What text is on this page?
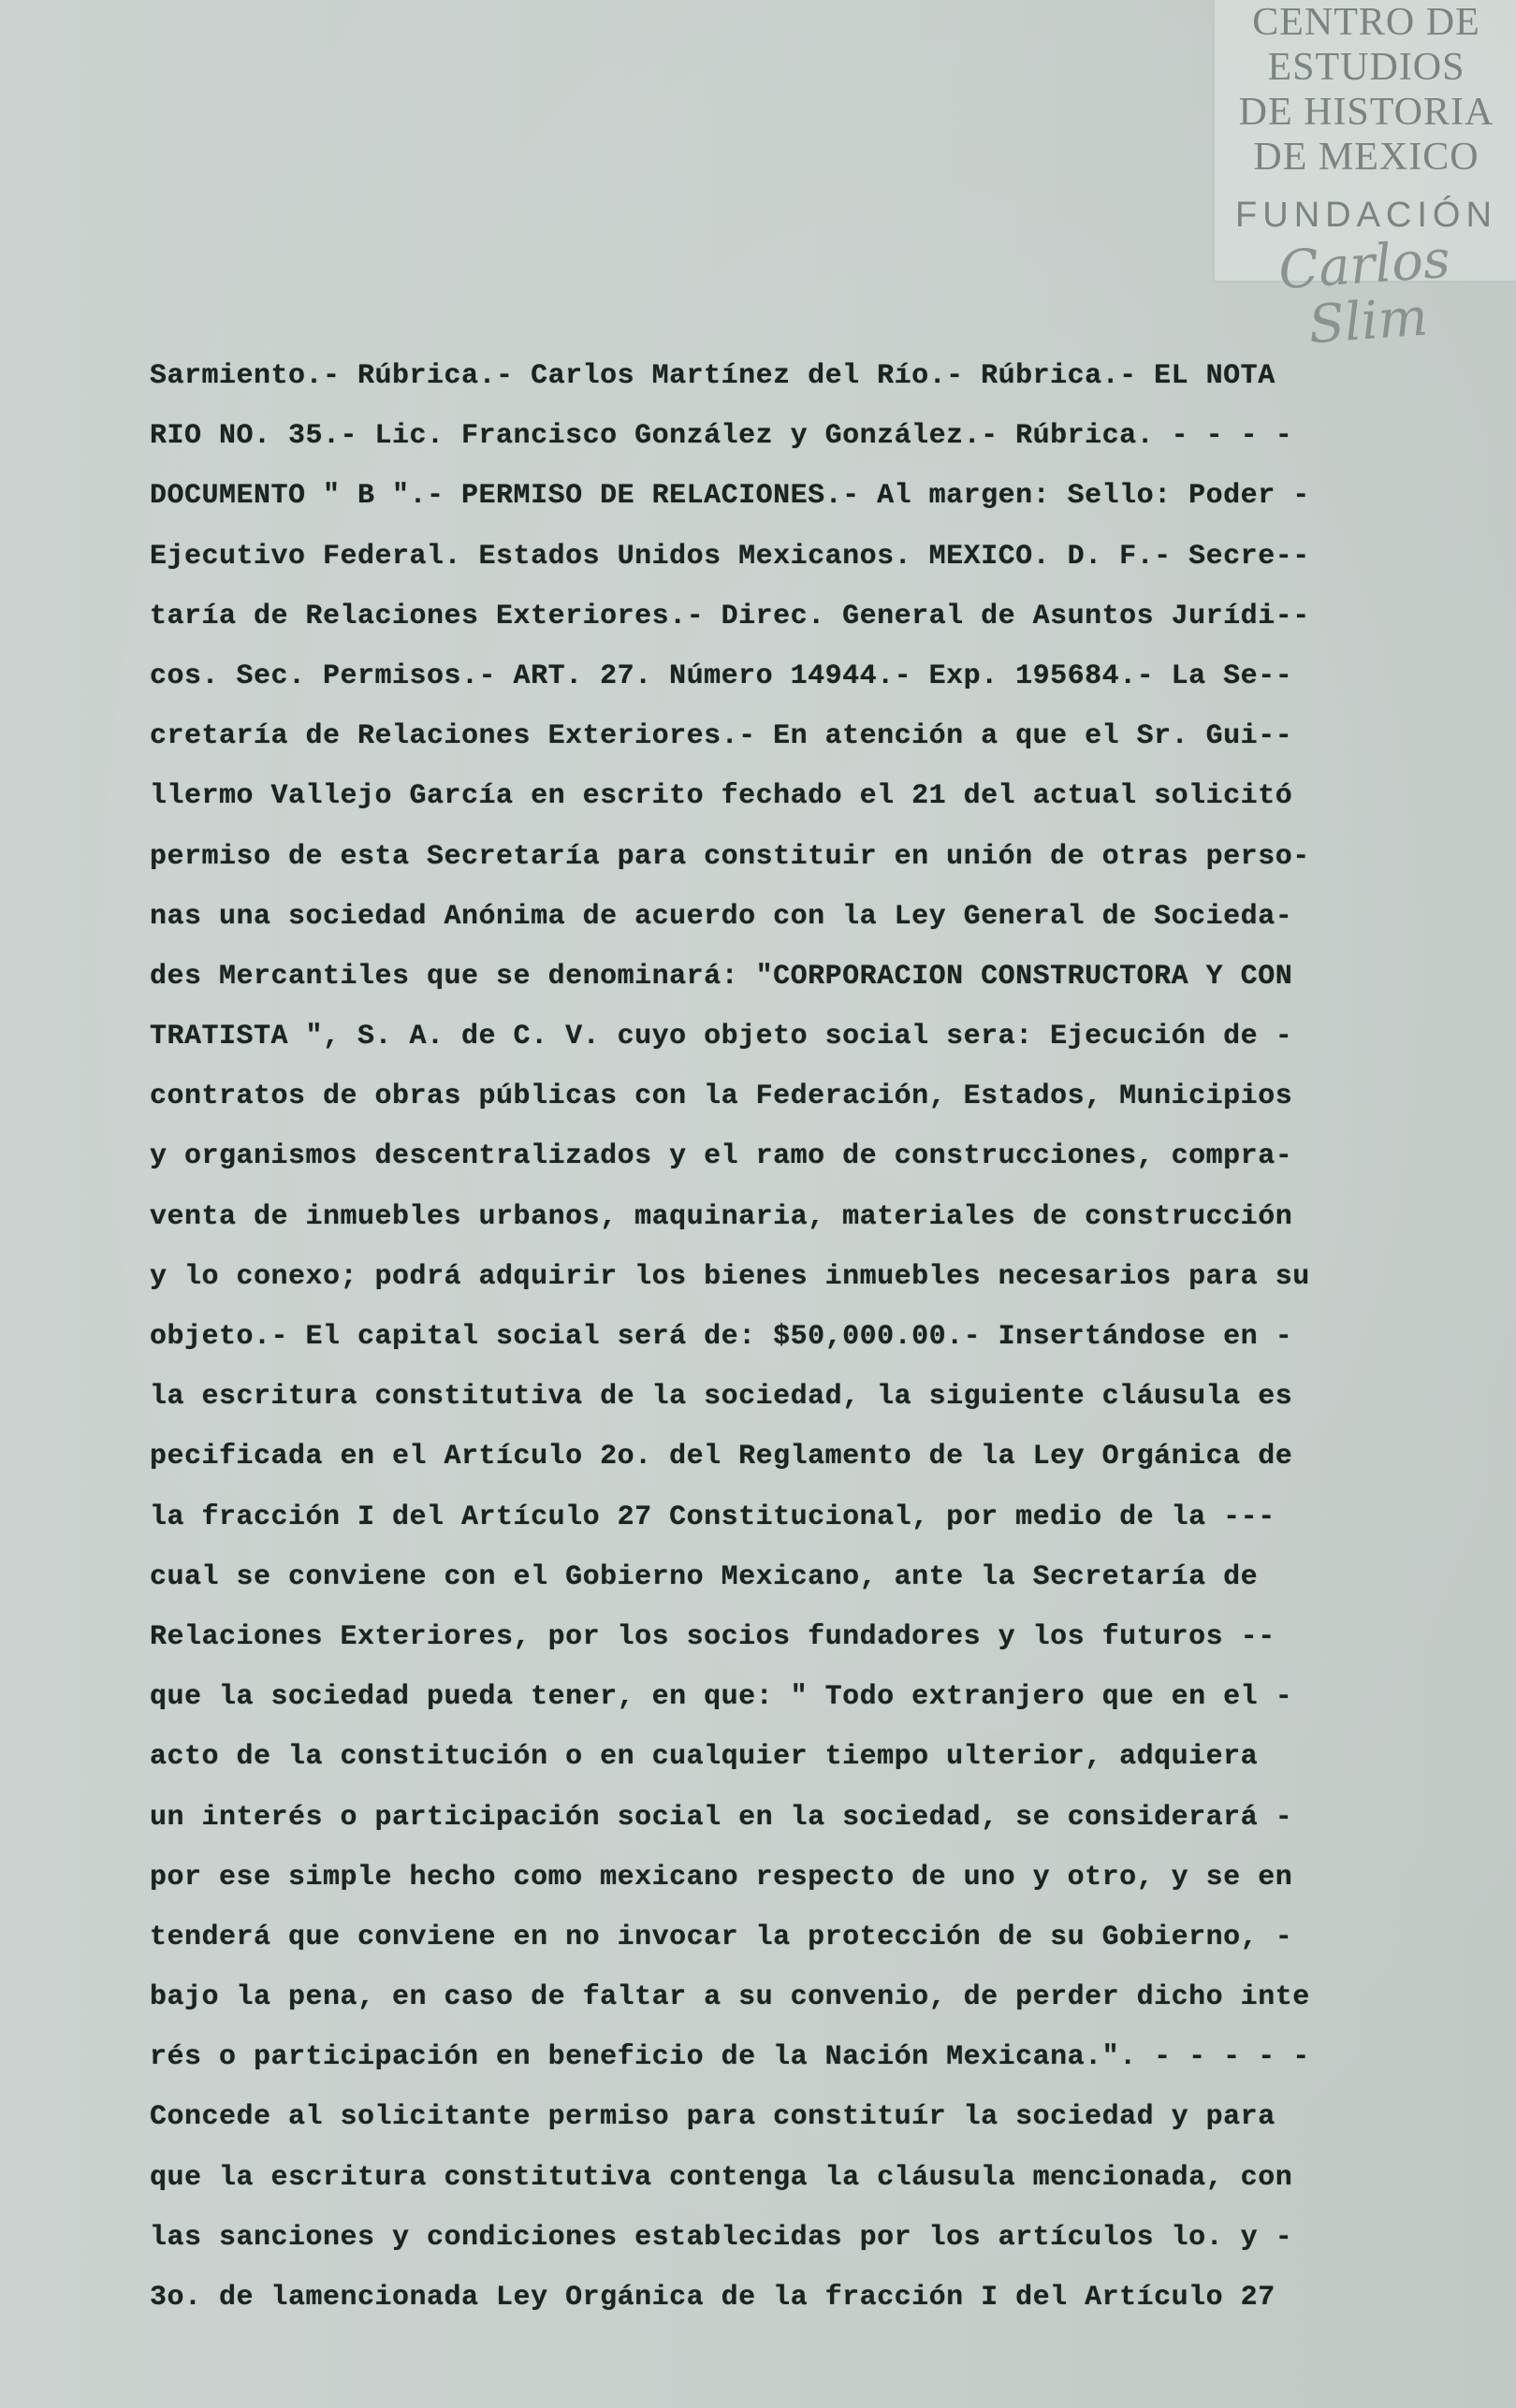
CENTRO DE
ESTUDIOS
DE HISTORIA
DE MEXICO
FUNDACIÓN
Carlos Slim
Sarmiento.- Rúbrica.- Carlos Martínez del Río.- Rúbrica.- EL NOTA
RIO NO. 35.- Lic. Francisco González y González.- Rúbrica. - - - -
DOCUMENTO " B ".- PERMISO DE RELACIONES.- Al margen: Sello: Poder -
Ejecutivo Federal. Estados Unidos Mexicanos. MEXICO. D. F.- Secre--
taría de Relaciones Exteriores.- Direc. General de Asuntos Jurídi--
cos. Sec. Permisos.- ART. 27. Número 14944.- Exp. 195684.- La Se--
cretaría de Relaciones Exteriores.- En atención a que el Sr. Gui--
llermo Vallejo García en escrito fechado el 21 del actual solicitó
permiso de esta Secretaría para constituir en unión de otras perso-
nas una sociedad Anónima de acuerdo con la Ley General de Socieda-
des Mercantiles que se denominará: "CORPORACION CONSTRUCTORA Y CON
TRATISTA ", S. A. de C. V. cuyo objeto social sera: Ejecución de -
contratos de obras públicas con la Federación, Estados, Municipios
y organismos descentralizados y el ramo de construcciones, compra-
venta de inmuebles urbanos, maquinaria, materiales de construcción
y lo conexo; podrá adquirir los bienes inmuebles necesarios para su
objeto.- El capital social será de: $50,000.00.- Insertándose en -
la escritura constitutiva de la sociedad, la siguiente cláusula es
pecificada en el Artículo 2o. del Reglamento de la Ley Orgánica de
la fracción I del Artículo 27 Constitucional, por medio de la ---
cual se conviene con el Gobierno Mexicano, ante la Secretaría de
Relaciones Exteriores, por los socios fundadores y los futuros --
que la sociedad pueda tener, en que: " Todo extranjero que en el -
acto de la constitución o en cualquier tiempo ulterior, adquiera
un interés o participación social en la sociedad, se considerará -
por ese simple hecho como mexicano respecto de uno y otro, y se en
tenderá que conviene en no invocar la protección de su Gobierno, -
bajo la pena, en caso de faltar a su convenio, de perder dicho inte
rés o participación en beneficio de la Nación Mexicana.". - - - - -
Concede al solicitante permiso para constituír la sociedad y para
que la escritura constitutiva contenga la cláusula mencionada, con
las sanciones y condiciones establecidas por los artículos lo. y -
3o. de lamencionada Ley Orgánica de la fracción I del Artículo 27
